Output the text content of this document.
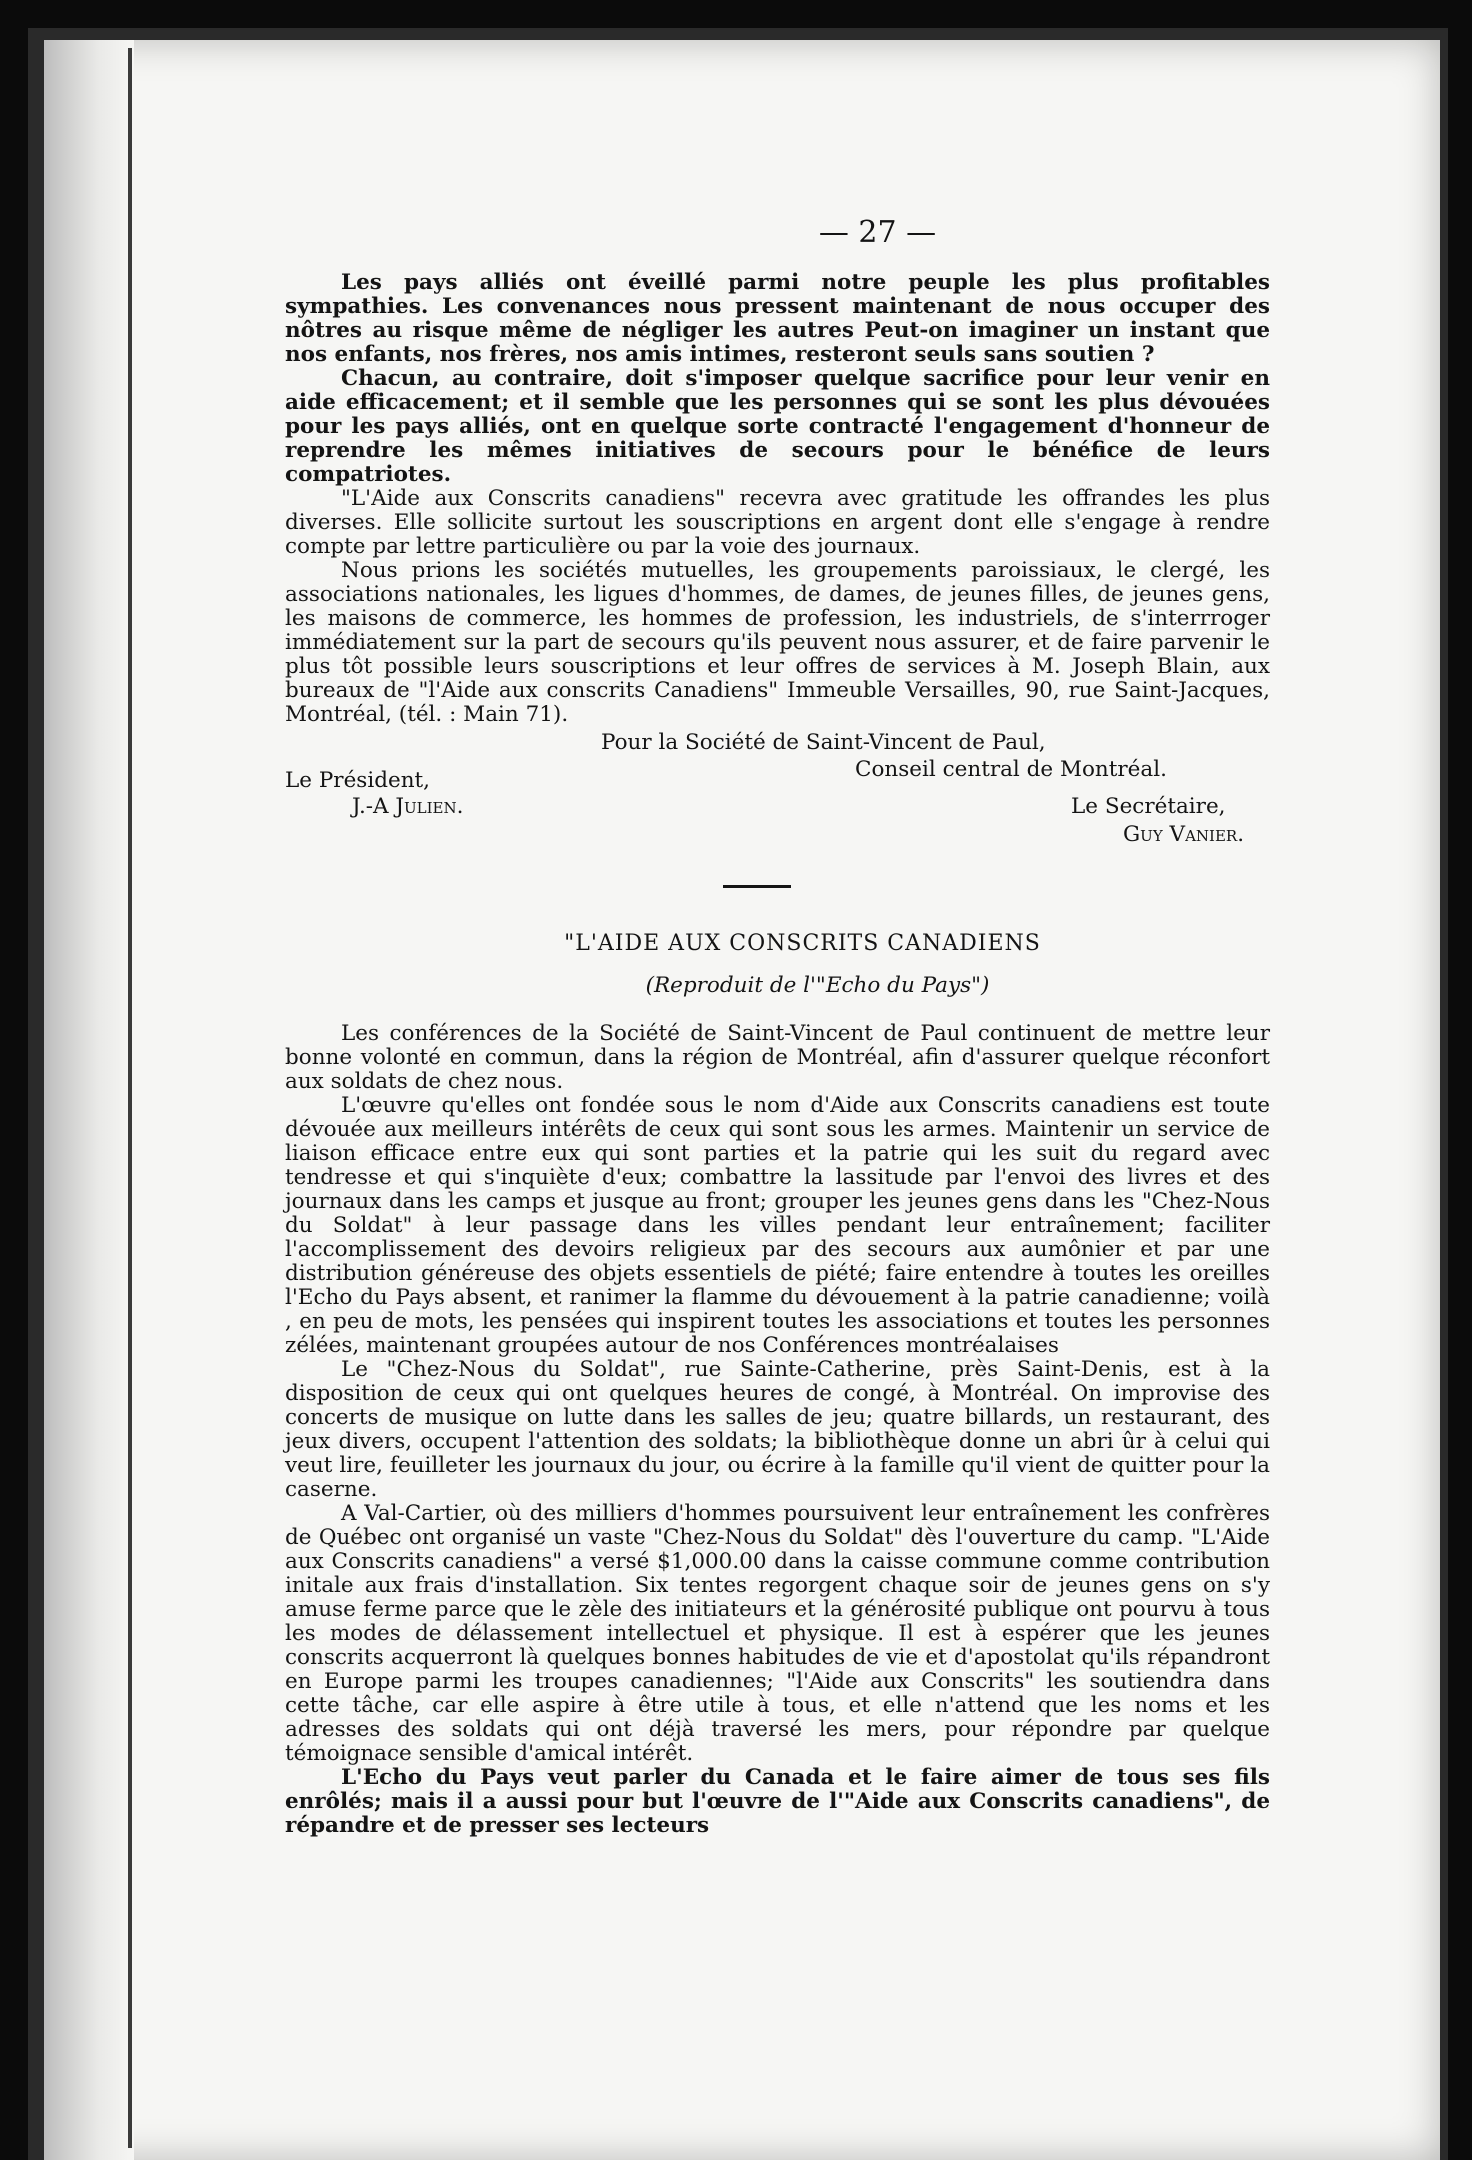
— 27 —

Les pays alliés ont éveillé parmi notre peuple les plus profitables sympathies. Les convenances nous pressent maintenant de nous occuper des nôtres au risque même de négliger les autres Peut-on imaginer un instant que nos enfants, nos frères, nos amis intimes, resteront seuls sans soutien ?

Chacun, au contraire, doit s'imposer quelque sacrifice pour leur venir en aide efficacement; et il semble que les personnes qui se sont les plus dévouées pour les pays alliés, ont en quelque sorte contracté l'engagement d'honneur de reprendre les mêmes initiatives de secours pour le bénéfice de leurs compatriotes.

"L'Aide aux Conscrits canadiens" recevra avec gratitude les offrandes les plus diverses. Elle sollicite surtout les souscriptions en argent dont elle s'engage à rendre compte par lettre particulière ou par la voie des journaux.

Nous prions les sociétés mutuelles, les groupements paroissiaux, le clergé, les associations nationales, les ligues d'hommes, de dames, de jeunes filles, de jeunes gens, les maisons de commerce, les hommes de profession, les industriels, de s'interrroger immédiatement sur la part de secours qu'ils peuvent nous assurer, et de faire parvenir le plus tôt possible leurs souscriptions et leur offres de services à M. Joseph Blain, aux bureaux de "l'Aide aux conscrits Canadiens" Immeuble Versailles, 90, rue Saint-Jacques, Montréal, (tél. : Main 71).

Pour la Société de Saint-Vincent de Paul,
Conseil central de Montréal.
Le Président,
J.-A Julien.	Le Secrétaire,
Guy Vanier.
"L'AIDE AUX CONSCRITS CANADIENS
(Reproduit de l'"Echo du Pays")

Les conférences de la Société de Saint-Vincent de Paul continuent de mettre leur bonne volonté en commun, dans la région de Montréal, afin d'assurer quelque réconfort aux soldats de chez nous.

L'œuvre qu'elles ont fondée sous le nom d'Aide aux Conscrits canadiens est toute dévouée aux meilleurs intérêts de ceux qui sont sous les armes. Maintenir un service de liaison efficace entre eux qui sont parties et la patrie qui les suit du regard avec tendresse et qui s'inquiète d'eux; combattre la lassitude par l'envoi des livres et des journaux dans les camps et jusque au front; grouper les jeunes gens dans les "Chez-Nous du Soldat" à leur passage dans les villes pendant leur entraînement; faciliter l'accomplissement des devoirs religieux par des secours aux aumônier et par une distribution généreuse des objets essentiels de piété; faire entendre à toutes les oreilles l'Echo du Pays absent, et ranimer la flamme du dévouement à la patrie canadienne; voilà , en peu de mots, les pensées qui inspirent toutes les associations et toutes les personnes zélées, maintenant groupées autour de nos Conférences montréalaises

Le "Chez-Nous du Soldat", rue Sainte-Catherine, près Saint-Denis, est à la disposition de ceux qui ont quelques heures de congé, à Montréal. On improvise des concerts de musique on lutte dans les salles de jeu; quatre billards, un restaurant, des jeux divers, occupent l'attention des soldats; la bibliothèque donne un abri ûr à celui qui veut lire, feuilleter les journaux du jour, ou écrire à la famille qu'il vient de quitter pour la caserne.

A Val-Cartier, où des milliers d'hommes poursuivent leur entraînement les confrères de Québec ont organisé un vaste "Chez-Nous du Soldat" dès l'ouverture du camp. "L'Aide aux Conscrits canadiens" a versé $1,000.00 dans la caisse commune comme contribution initale aux frais d'installation. Six tentes regorgent chaque soir de jeunes gens on s'y amuse ferme parce que le zèle des initiateurs et la générosité publique ont pourvu à tous les modes de délassement intellectuel et physique. Il est à espérer que les jeunes conscrits acquerront là quelques bonnes habitudes de vie et d'apostolat qu'ils répandront en Europe parmi les troupes canadiennes; "l'Aide aux Conscrits" les soutiendra dans cette tâche, car elle aspire à être utile à tous, et elle n'attend que les noms et les adresses des soldats qui ont déjà traversé les mers, pour répondre par quelque témoignace sensible d'amical intérêt.

L'Echo du Pays veut parler du Canada et le faire aimer de tous ses fils enrôlés; mais il a aussi pour but l'œuvre de l'"Aide aux Conscrits canadiens", de répandre et de presser ses lecteurs
